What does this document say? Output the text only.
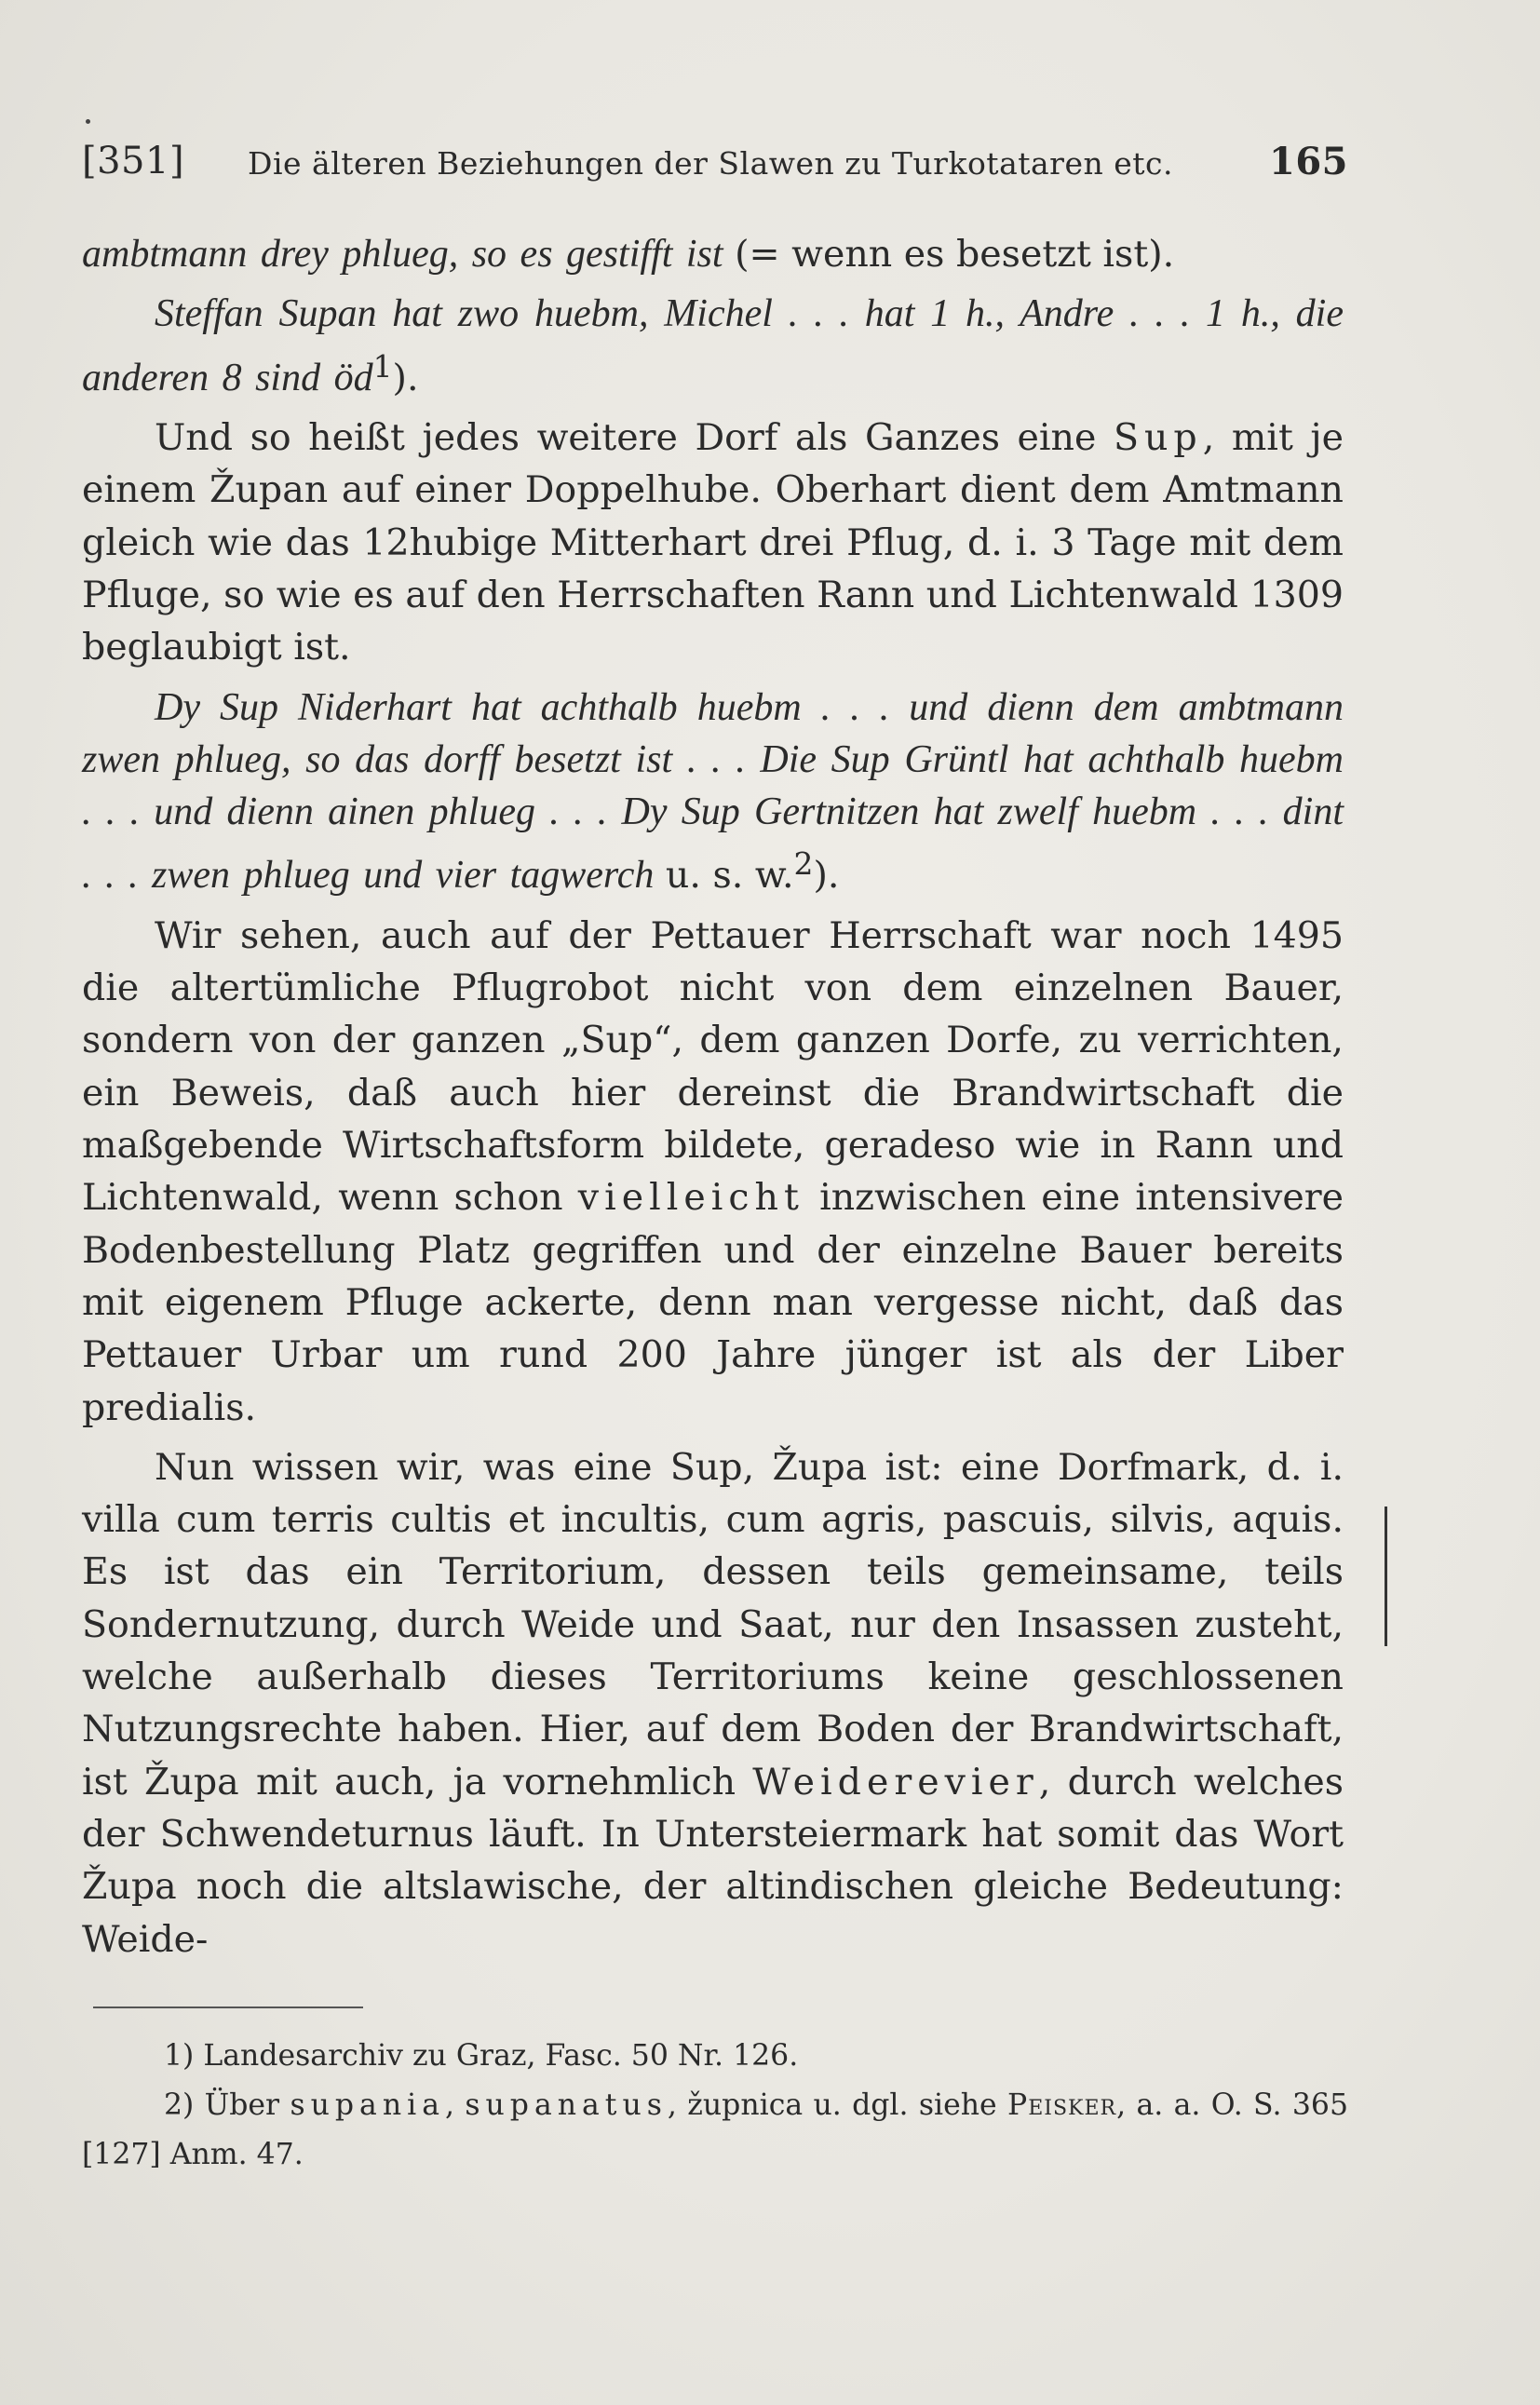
[351] Die älteren Beziehungen der Slawen zu Turkotataren etc.	165

ambtmann drey phlueg, so es gestifft ist (= wenn es besetzt ist).

Steffan Supan hat zwo huebm, Michel . . . hat 1 h., Andre . . . 1 h., die anderen 8 sind $öd^1$).

Und so heißt jedes weitere Dorf als Ganzes eine Sup, mit je einem Župan auf einer Doppelhube. Oberhart dient dem Amtmann gleich wie das 12hubige Mitterhart drei Pflug, d. i. 3 Tage mit dem Pfluge, so wie es auf den Herrschaften Rann und Lichtenwald 1309 beglaubigt ist.

Dy Sup Niderhart hat achthalb huebm . . . und dienn dem ambtmann zwen phlueg, so das dorff besetzt ist . . . Die Sup Grüntl hat achthalb huebm . . . und dienn ainen phlueg . . . Dy Sup Gertnitzen hat zwelf huebm . . . dint . . . zwen phlueg und vier tagwerch u. s. w.$^2$).

Wir sehen, auch auf der Pettauer Herrschaft war noch 1495 die altertümliche Pflugrobot nicht von dem einzelnen Bauer, sondern von der ganzen „Sup“, dem ganzen Dorfe, zu verrichten, ein Beweis, daß auch hier dereinst die Brandwirtschaft die maßgebende Wirtschaftsform bildete, geradeso wie in Rann und Lichtenwald, wenn schon vielleicht inzwischen eine intensivere Bodenbestellung Platz gegriffen und der einzelne Bauer bereits mit eigenem Pfluge ackerte, denn man vergesse nicht, daß das Pettauer Urbar um rund 200 Jahre jünger ist als der Liber predialis.

Nun wissen wir, was eine Sup, Župa ist: eine Dorfmark, d. i. villa cum terris cultis et incultis, cum agris, pascuis, silvis, aquis. Es ist das ein Territorium, dessen teils gemeinsame, teils Sondernutzung, durch Weide und Saat, nur den Insassen zusteht, welche außerhalb dieses Territoriums keine geschlossenen Nutzungsrechte haben. Hier, auf dem Boden der Brandwirtschaft, ist Župa mit auch, ja vornehmlich Weiderevier, durch welches der Schwendeturnus läuft. In Untersteiermark hat somit das Wort Župa noch die altslawische, der altindischen gleiche Bedeutung: Weide-

1) Landesarchiv zu Graz, Fasc. 50 Nr. 126.

2) Über supania, supanatus, župnica u. dgl. siehe Peisker, a. a. O. S. 365 [127] Anm. 47.
